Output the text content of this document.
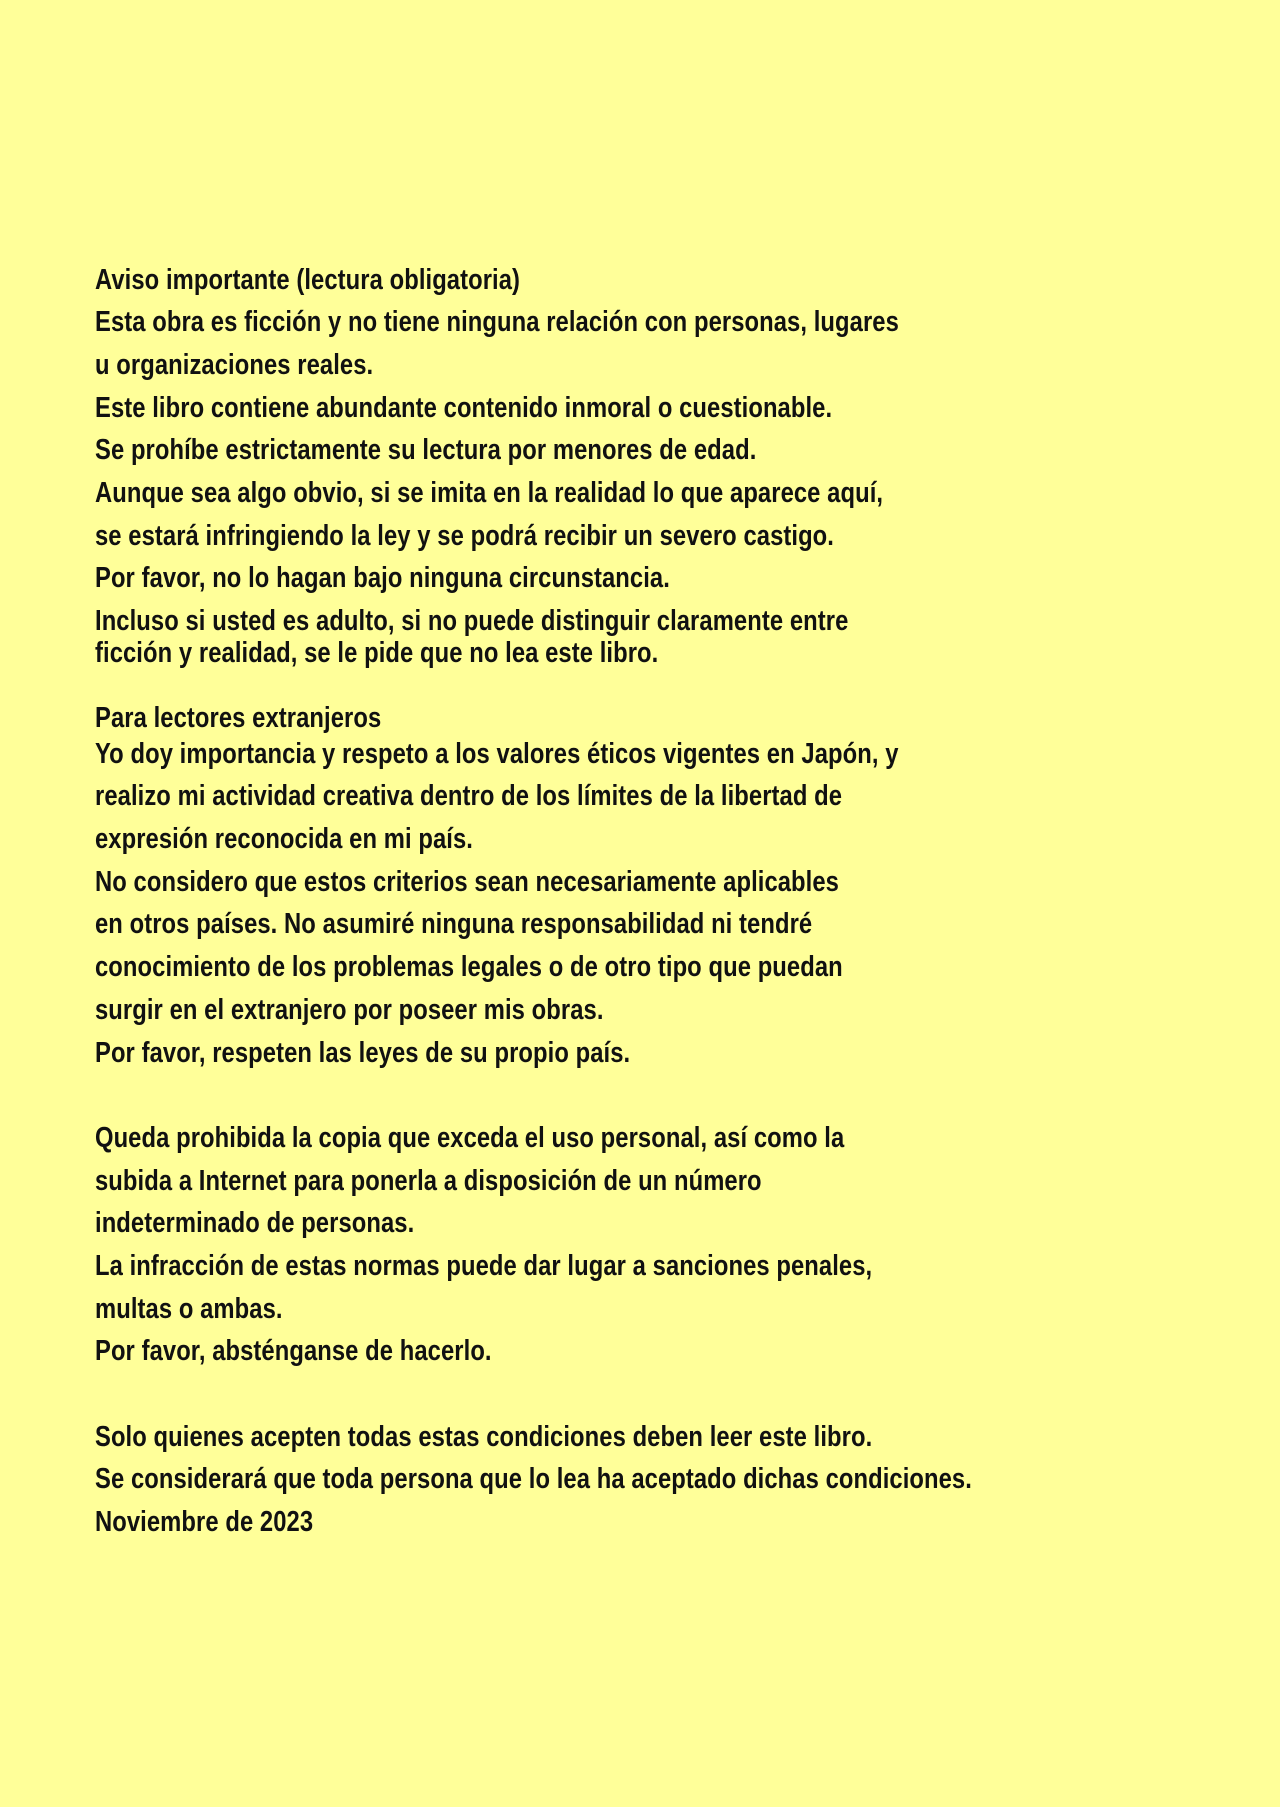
Aviso importante (lectura obligatoria)

Esta obra es ficción y no tiene ninguna relación con personas, lugares

u organizaciones reales.

Este libro contiene abundante contenido inmoral o cuestionable.

Se prohíbe estrictamente su lectura por menores de edad.

Aunque sea algo obvio, si se imita en la realidad lo que aparece aquí,

se estará infringiendo la ley y se podrá recibir un severo castigo.

Por favor, no lo hagan bajo ninguna circunstancia.

Incluso si usted es adulto, si no puede distinguir claramente entre

ficción y realidad, se le pide que no lea este libro.

Para lectores extranjeros

Yo doy importancia y respeto a los valores éticos vigentes en Japón, y

realizo mi actividad creativa dentro de los límites de la libertad de

expresión reconocida en mi país.

No considero que estos criterios sean necesariamente aplicables

en otros países. No asumiré ninguna responsabilidad ni tendré

conocimiento de los problemas legales o de otro tipo que puedan

surgir en el extranjero por poseer mis obras.

Por favor, respeten las leyes de su propio país.

Queda prohibida la copia que exceda el uso personal, así como la

subida a Internet para ponerla a disposición de un número

indeterminado de personas.

La infracción de estas normas puede dar lugar a sanciones penales,

multas o ambas.

Por favor, absténganse de hacerlo.

Solo quienes acepten todas estas condiciones deben leer este libro.

Se considerará que toda persona que lo lea ha aceptado dichas condiciones.

Noviembre de 2023
